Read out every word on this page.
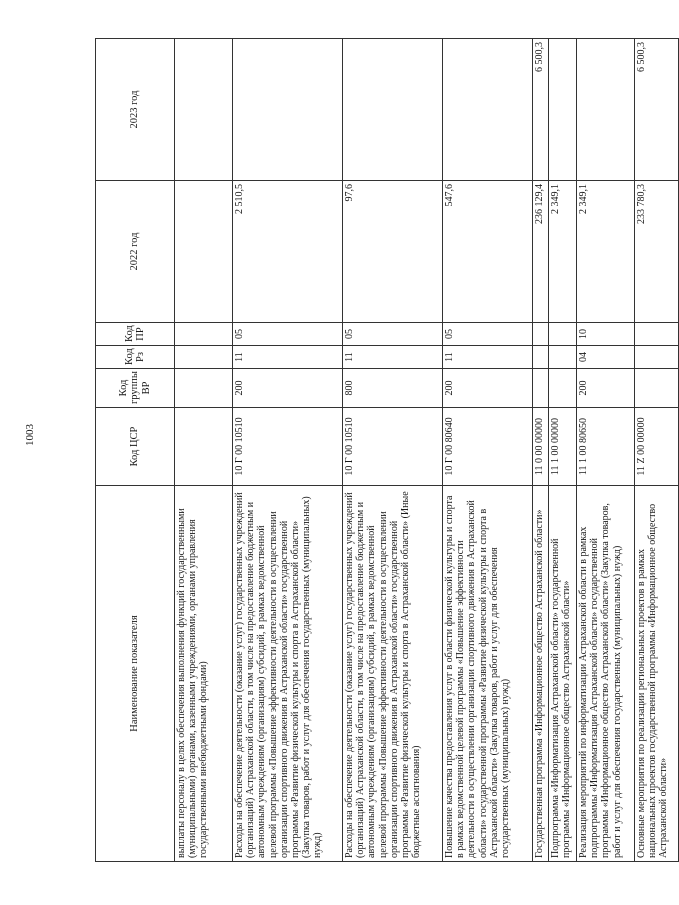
1003
Наименование показателя	Код ЦСР	Код группы ВР	Код Рз	Код ПР	2022 год	2023 год
выплаты персоналу в целях обеспечения выполнения функций государственными (муниципальными) органами, казенными учреждениями, органами управления государственными внебюджетными фондами)						
Расходы на обеспечение деятельности (оказание услуг) государственных учреждений (организаций) Астраханской области, в том числе на предоставление бюджетным и автономным учреждениям (организациям) субсидий, в рамках ведомственной целевой программы «Повышение эффективности деятельности в осуществлении организации спортивного движения в Астраханской области» государственной программы «Развитие физической культуры и спорта в Астраханской области» (Закупка товаров, работ и услуг для обеспечения государственных (муниципальных) нужд)	10 Г 00 10510	200	11	05	2 510,5	
Расходы на обеспечение деятельности (оказание услуг) государственных учреждений (организаций) Астраханской области, в том числе на предоставление бюджетным и автономным учреждениям (организациям) субсидий, в рамках ведомственной целевой программы «Повышение эффективности деятельности в осуществлении организации спортивного движения в Астраханской области» государственной программы «Развитие физической культуры и спорта в Астраханской области» (Иные бюджетные ассигнования)	10 Г 00 10510	800	11	05	97,6	
Повышение качества предоставления услуг в области физической культуры и спорта в рамках ведомственной целевой программы «Повышение эффективности деятельности в осуществлении организации спортивного движения в Астраханской области» государственной программы «Развитие физической культуры и спорта в Астраханской области» (Закупка товаров, работ и услуг для обеспечения государственных (муниципальных) нужд)	10 Г 00 80640	200	11	05	547,6	
Государственная программа «Информационное общество Астраханской области»	11 0 00 00000				236 129,4	6 500,3
Подпрограмма «Информатизация Астраханской области» государственной программы «Информационное общество Астраханской области»	11 1 00 00000				2 349,1	
Реализация мероприятий по информатизации Астраханской области в рамках подпрограммы «Информатизация Астраханской области» государственной программы «Информационное общество Астраханской области» (Закупка товаров, работ и услуг для обеспечения государственных (муниципальных) нужд)	11 1 00 80650	200	04	10	2 349,1	
Основные мероприятия по реализации региональных проектов в рамках национальных проектов государственной программы «Информационное общество Астраханской области»	11 Z 00 00000				233 780,3	6 500,3
